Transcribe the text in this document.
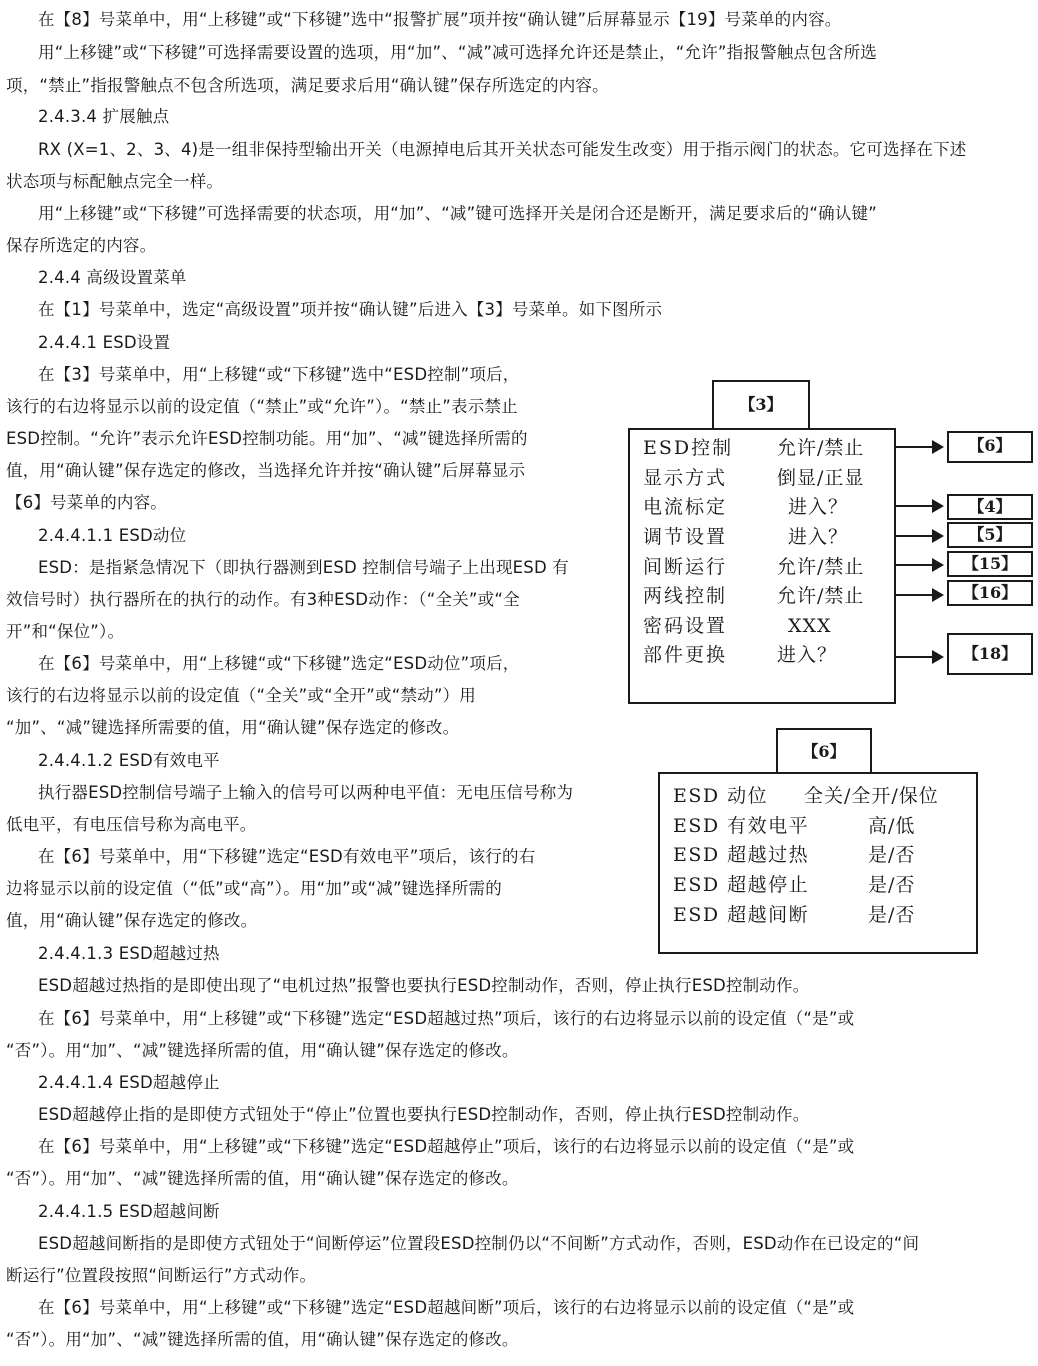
在【8】号菜单中，用“上移键”或“下移键”选中“报警扩展”项并按“确认键”后屏幕显示【19】号菜单的内容。
用“上移键”或“下移键”可选择需要设置的选项，用“加”、“减”减可选择允许还是禁止，“允许”指报警触点包含所选
项，“禁止”指报警触点不包含所选项，满足要求后用“确认键”保存所选定的内容。
2.4.3.4 扩展触点
RX (X=1、2、3、4)是一组非保持型输出开关（电源掉电后其开关状态可能发生改变）用于指示阀门的状态。它可选择在下述
状态项与标配触点完全一样。
用“上移键”或“下移键”可选择需要的状态项，用“加”、“减”键可选择开关是闭合还是断开，满足要求后的“确认键”
保存所选定的内容。
2.4.4 高级设置菜单
在【1】号菜单中，选定“高级设置”项并按“确认键”后进入【3】号菜单。如下图所示
2.4.4.1 ESD设置
在【3】号菜单中，用“上移键“或“下移键”选中“ESD控制”项后，
该行的右边将显示以前的设定值（“禁止”或“允许”）。“禁止”表示禁止
ESD控制。“允许”表示允许ESD控制功能。用“加”、“减”键选择所需的
值，用“确认键”保存选定的修改，当选择允许并按“确认键”后屏幕显示
【6】号菜单的内容。
2.4.4.1.1 ESD动位
ESD：是指紧急情况下（即执行器测到ESD 控制信号端子上出现ESD 有
效信号时）执行器所在的执行的动作。有3种ESD动作：（“全关”或“全
开”和“保位”）。
在【6】号菜单中，用“上移键“或“下移键”选定“ESD动位”项后，
该行的右边将显示以前的设定值（“全关”或“全开”或“禁动”）用
“加”、“减”键选择所需要的值，用“确认键”保存选定的修改。
2.4.4.1.2 ESD有效电平
执行器ESD控制信号端子上输入的信号可以两种电平值：无电压信号称为
低电平，有电压信号称为高电平。
在【6】号菜单中，用“下移键”选定“ESD有效电平”项后，该行的右
边将显示以前的设定值（“低”或“高”）。用“加”或“减”键选择所需的
值，用“确认键”保存选定的修改。
2.4.4.1.3 ESD超越过热
ESD超越过热指的是即使出现了“电机过热”报警也要执行ESD控制动作，否则，停止执行ESD控制动作。
在【6】号菜单中，用“上移键”或“下移键”选定“ESD超越过热”项后，该行的右边将显示以前的设定值（“是”或
“否”）。用“加”、“减”键选择所需的值，用“确认键”保存选定的修改。
2.4.4.1.4 ESD超越停止
ESD超越停止指的是即使方式钮处于“停止”位置也要执行ESD控制动作，否则，停止执行ESD控制动作。
在【6】号菜单中，用“上移键”或“下移键”选定“ESD超越停止”项后，该行的右边将显示以前的设定值（“是”或
“否”）。用“加”、“减”键选择所需的值，用“确认键”保存选定的修改。
2.4.4.1.5 ESD超越间断
ESD超越间断指的是即使方式钮处于“间断停运”位置段ESD控制仍以“不间断”方式动作，否则，ESD动作在已设定的“间
断运行”位置段按照“间断运行”方式动作。
在【6】号菜单中，用“上移键”或“下移键”选定“ESD超越间断”项后，该行的右边将显示以前的设定值（“是”或
“否”）。用“加”、“减”键选择所需的值，用“确认键”保存选定的修改。
【3】
ESD控制 允许/禁止
显示方式	倒显/正显
电流标定	进入？
调节设置	进入？
间断运行	允许/禁止
两线控制	允许/禁止
密码设置	XXX
部件更换	进入？
【6】
【4】
【5】
【15】
【16】
【18】
【6】
ESD 动位 全关/全开/保位
ESD 有效电平	高/低
ESD 超越过热	是/否
ESD 超越停止	是/否
ESD 超越间断	是/否
